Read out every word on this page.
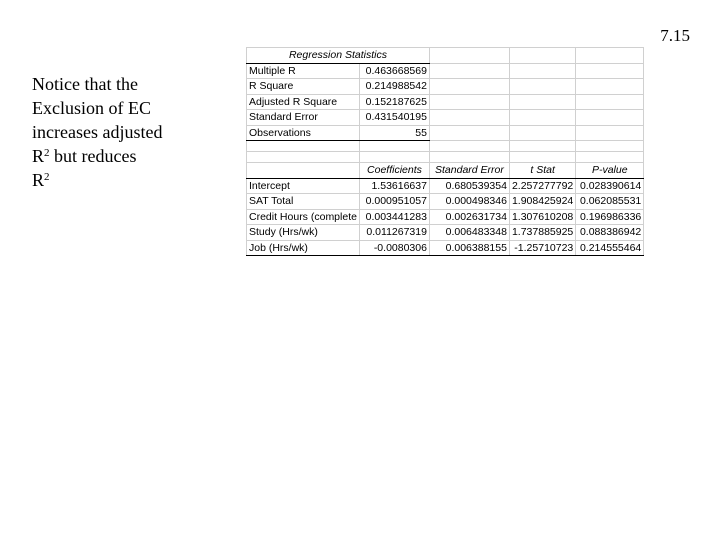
7.15
Notice that the
Exclusion of EC
increases adjusted
$R^2$ but reduces
$R^2$
Regression Statistics				
Multiple R	0.463668569			
R Square	0.214988542			
Adjusted R Square	0.152187625			
Standard Error	0.431540195			
Observations	55			

	Coefficients	Standard Error	t Stat	P-value
Intercept	1.53616637	0.680539354	2.257277792	0.028390614
SAT Total	0.000951057	0.000498346	1.908425924	0.062085531
Credit Hours (complete	0.003441283	0.002631734	1.307610208	0.196986336
Study (Hrs/wk)	0.011267319	0.006483348	1.737885925	0.088386942
Job (Hrs/wk)	-0.0080306	0.006388155	-1.25710723	0.214555464
